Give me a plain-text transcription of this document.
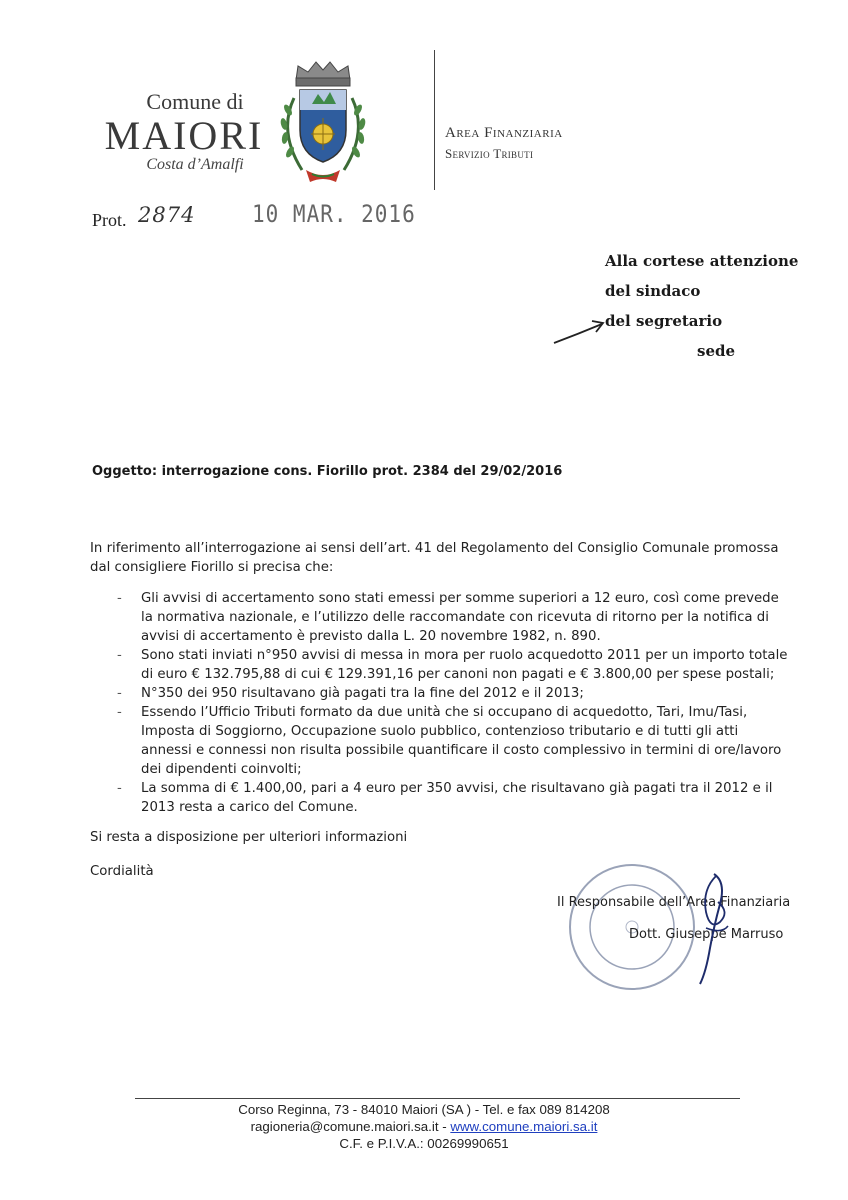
Comune di
MAIORI
Costa d’Amalfi
Area Finanziaria
Servizio Tributi
Prot. 2874	10 MAR. 2016
Alla cortese attenzione
del sindaco
del segretario
sede
Oggetto: interrogazione cons. Fiorillo prot. 2384 del 29/02/2016
In riferimento all’interrogazione ai sensi dell’art. 41 del Regolamento del Consiglio Comunale promossa dal consigliere Fiorillo si precisa che:
-	Gli avvisi di accertamento sono stati emessi per somme superiori a 12 euro, così come prevede la normativa nazionale, e l’utilizzo delle raccomandate con ricevuta di ritorno per la notifica di avvisi di accertamento è previsto dalla L. 20 novembre 1982, n. 890.
-	Sono stati inviati n°950 avvisi di messa in mora per ruolo acquedotto 2011 per un importo totale di euro € 132.795,88 di cui € 129.391,16 per canoni non pagati e € 3.800,00 per spese postali;
-	N°350 dei 950 risultavano già pagati tra la fine del 2012 e il 2013;
-	Essendo l’Ufficio Tributi formato da due unità che si occupano di acquedotto, Tari, Imu/Tasi, Imposta di Soggiorno, Occupazione suolo pubblico, contenzioso tributario e di tutti gli atti annessi e connessi non risulta possibile quantificare il costo complessivo in termini di ore/lavoro dei dipendenti coinvolti;
-	La somma di € 1.400,00, pari a 4 euro per 350 avvisi, che risultavano già pagati tra il 2012 e il 2013 resta a carico del Comune.
Si resta a disposizione per ulteriori informazioni
Cordialità
Il Responsabile dell’Area Finanziaria
Dott. Giuseppe Marruso
Corso Reginna, 73 - 84010 Maiori (SA ) - Tel. e fax 089 814208
ragioneria@comune.maiori.sa.it - www.comune.maiori.sa.it
C.F. e P.I.V.A.: 00269990651
